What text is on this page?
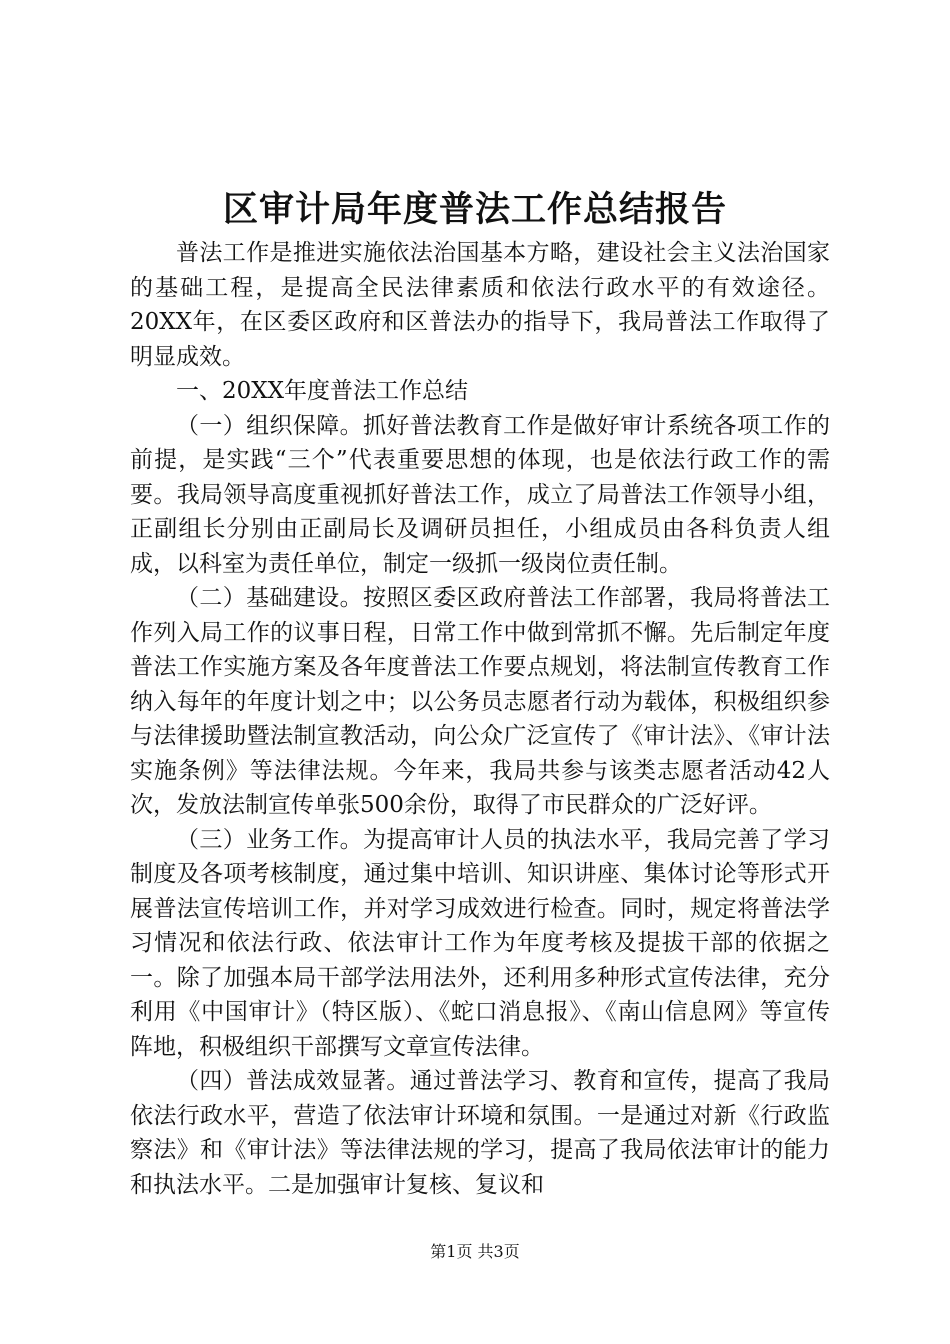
区审计局年度普法工作总结报告

普法工作是推进实施依法治国基本方略，建设社会主义法治国家的基础工程，是提高全民法律素质和依法行政水平的有效途径。20XX年，在区委区政府和区普法办的指导下，我局普法工作取得了明显成效。

一、20XX年度普法工作总结

（一）组织保障。抓好普法教育工作是做好审计系统各项工作的前提，是实践“三个”代表重要思想的体现，也是依法行政工作的需要。我局领导高度重视抓好普法工作，成立了局普法工作领导小组，正副组长分别由正副局长及调研员担任，小组成员由各科负责人组成，以科室为责任单位，制定一级抓一级岗位责任制。

（二）基础建设。按照区委区政府普法工作部署，我局将普法工作列入局工作的议事日程，日常工作中做到常抓不懈。先后制定年度普法工作实施方案及各年度普法工作要点规划，将法制宣传教育工作纳入每年的年度计划之中；以公务员志愿者行动为载体，积极组织参与法律援助暨法制宣教活动，向公众广泛宣传了《审计法》、《审计法实施条例》等法律法规。今年来，我局共参与该类志愿者活动42人次，发放法制宣传单张500余份，取得了市民群众的广泛好评。

（三）业务工作。为提高审计人员的执法水平，我局完善了学习制度及各项考核制度，通过集中培训、知识讲座、集体讨论等形式开展普法宣传培训工作，并对学习成效进行检查。同时，规定将普法学习情况和依法行政、依法审计工作为年度考核及提拔干部的依据之一。除了加强本局干部学法用法外，还利用多种形式宣传法律，充分利用《中国审计》（特区版）、《蛇口消息报》、《南山信息网》等宣传阵地，积极组织干部撰写文章宣传法律。

（四）普法成效显著。通过普法学习、教育和宣传，提高了我局依法行政水平，营造了依法审计环境和氛围。一是通过对新《行政监察法》和《审计法》等法律法规的学习，提高了我局依法审计的能力和执法水平。二是加强审计复核、复议和

第1页 共3页
